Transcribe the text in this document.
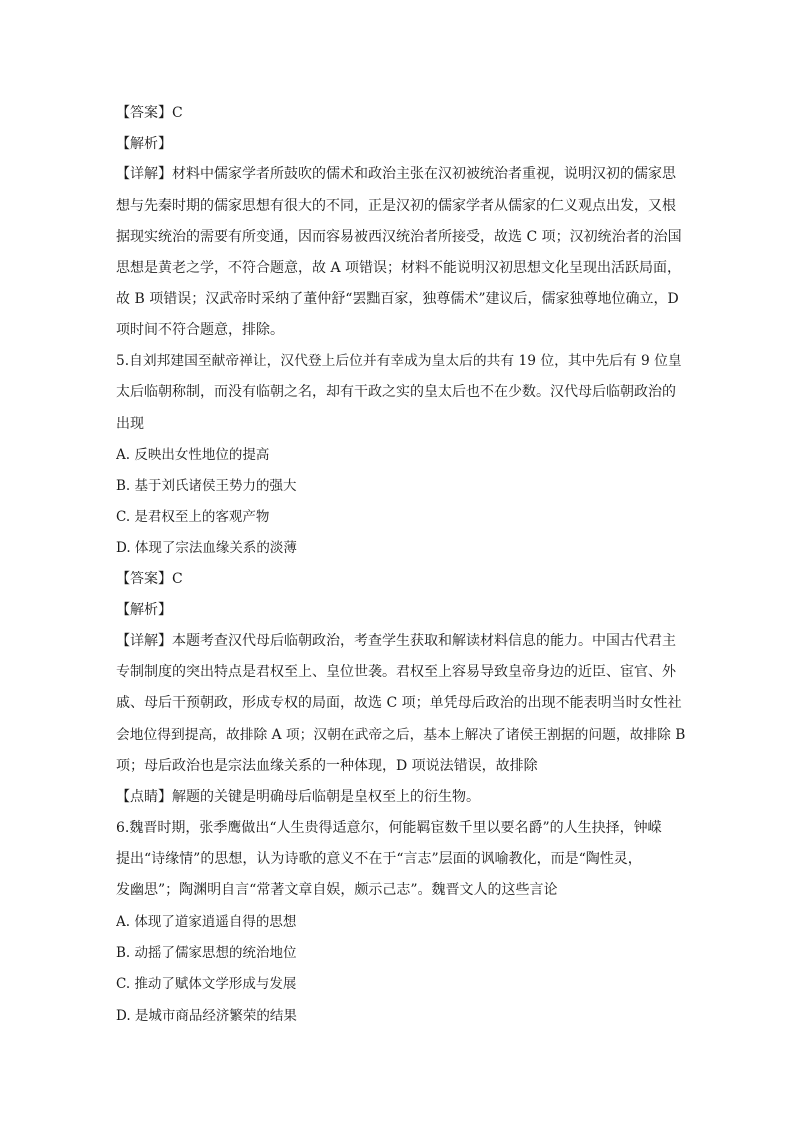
【答案】C
【解析】
【详解】材料中儒家学者所鼓吹的儒术和政治主张在汉初被统治者重视，说明汉初的儒家思
想与先秦时期的儒家思想有很大的不同，正是汉初的儒家学者从儒家的仁义观点出发，又根
据现实统治的需要有所变通，因而容易被西汉统治者所接受，故选 C 项；汉初统治者的治国
思想是黄老之学，不符合题意，故 A 项错误；材料不能说明汉初思想文化呈现出活跃局面，
故 B 项错误；汉武帝时采纳了董仲舒“罢黜百家，独尊儒术”建议后，儒家独尊地位确立，D
项时间不符合题意，排除。
5.自刘邦建国至献帝禅让，汉代登上后位并有幸成为皇太后的共有 19 位，其中先后有 9 位皇
太后临朝称制，而没有临朝之名，却有干政之实的皇太后也不在少数。汉代母后临朝政治的
出现
A. 反映出女性地位的提高
B. 基于刘氏诸侯王势力的强大
C. 是君权至上的客观产物
D. 体现了宗法血缘关系的淡薄
【答案】C
【解析】
【详解】本题考查汉代母后临朝政治，考查学生获取和解读材料信息的能力。中国古代君主
专制制度的突出特点是君权至上、皇位世袭。君权至上容易导致皇帝身边的近臣、宦官、外
戚、母后干预朝政，形成专权的局面，故选 C 项；单凭母后政治的出现不能表明当时女性社
会地位得到提高，故排除 A 项；汉朝在武帝之后，基本上解决了诸侯王割据的问题，故排除 B
项；母后政治也是宗法血缘关系的一种体现，D 项说法错误，故排除
【点睛】解题的关键是明确母后临朝是皇权至上的衍生物。
6.魏晋时期，张季鹰做出“人生贵得适意尔，何能羁宦数千里以要名爵”的人生抉择，钟嵘
提出“诗缘情”的思想，认为诗歌的意义不在于“言志”层面的讽喻教化，而是“陶性灵，
发幽思”；陶渊明自言“常著文章自娱，颇示己志”。魏晋文人的这些言论
A. 体现了道家逍遥自得的思想
B. 动摇了儒家思想的统治地位
C. 推动了赋体文学形成与发展
D. 是城市商品经济繁荣的结果
